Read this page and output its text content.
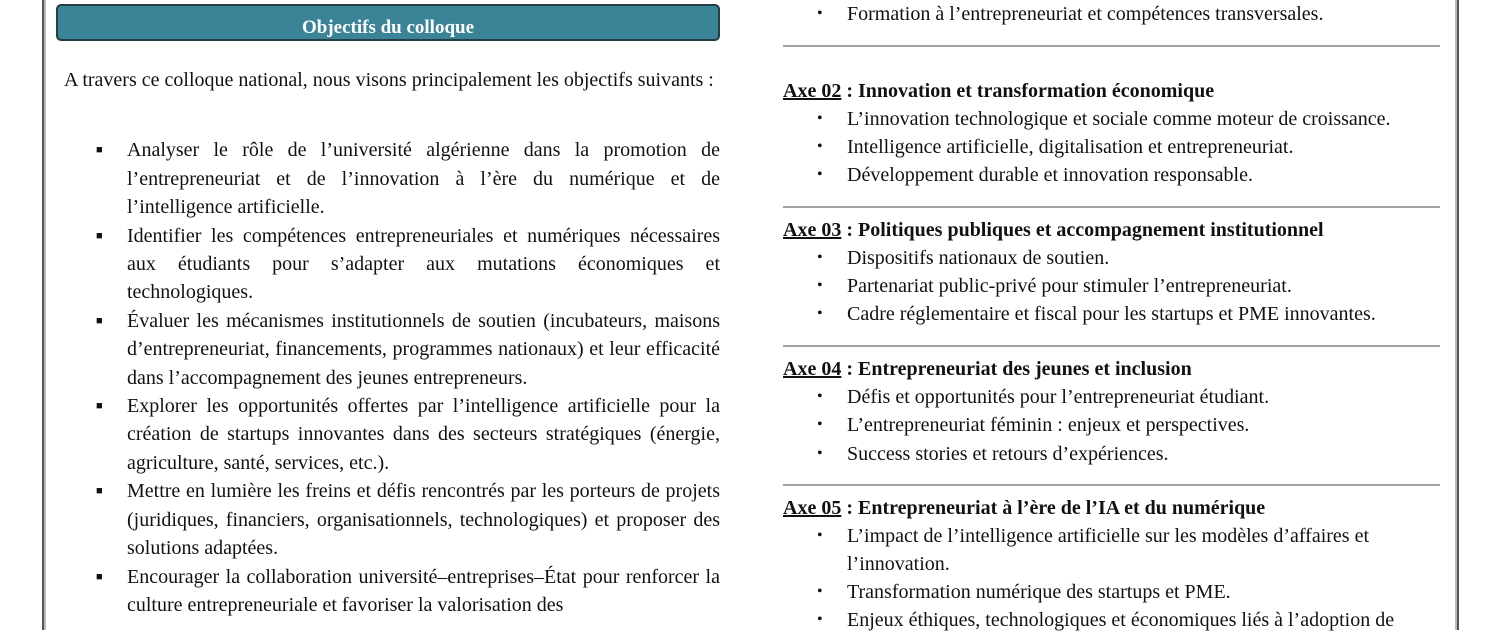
Objectifs du colloque
A travers ce colloque national, nous visons principalement les objectifs suivants :
■ Analyser le rôle de l’université algérienne dans la promotion de l’entrepreneuriat et de l’innovation à l’ère du numérique et de l’intelligence artificielle.
■ Identifier les compétences entrepreneuriales et numériques nécessaires aux étudiants pour s’adapter aux mutations économiques et technologiques.
■ Évaluer les mécanismes institutionnels de soutien (incubateurs, maisons d’entrepreneuriat, financements, programmes nationaux) et leur efficacité dans l’accompagnement des jeunes entrepreneurs.
■ Explorer les opportunités offertes par l’intelligence artificielle pour la création de startups innovantes dans des secteurs stratégiques (énergie, agriculture, santé, services, etc.).
■ Mettre en lumière les freins et défis rencontrés par les porteurs de projets (juridiques, financiers, organisationnels, technologiques) et proposer des solutions adaptées.
■ Encourager la collaboration université–entreprises–État pour renforcer la culture entrepreneuriale et favoriser la valorisation des
• Formation à l’entrepreneuriat et compétences transversales.
Axe 02 : Innovation et transformation économique
• L’innovation technologique et sociale comme moteur de croissance.
• Intelligence artificielle, digitalisation et entrepreneuriat.
• Développement durable et innovation responsable.
Axe 03 : Politiques publiques et accompagnement institutionnel
• Dispositifs nationaux de soutien.
• Partenariat public-privé pour stimuler l’entrepreneuriat.
• Cadre réglementaire et fiscal pour les startups et PME innovantes.
Axe 04 : Entrepreneuriat des jeunes et inclusion
• Défis et opportunités pour l’entrepreneuriat étudiant.
• L’entrepreneuriat féminin : enjeux et perspectives.
• Success stories et retours d’expériences.
Axe 05 : Entrepreneuriat à l’ère de l’IA et du numérique
• L’impact de l’intelligence artificielle sur les modèles d’affaires et l’innovation.
• Transformation numérique des startups et PME.
• Enjeux éthiques, technologiques et économiques liés à l’adoption de
